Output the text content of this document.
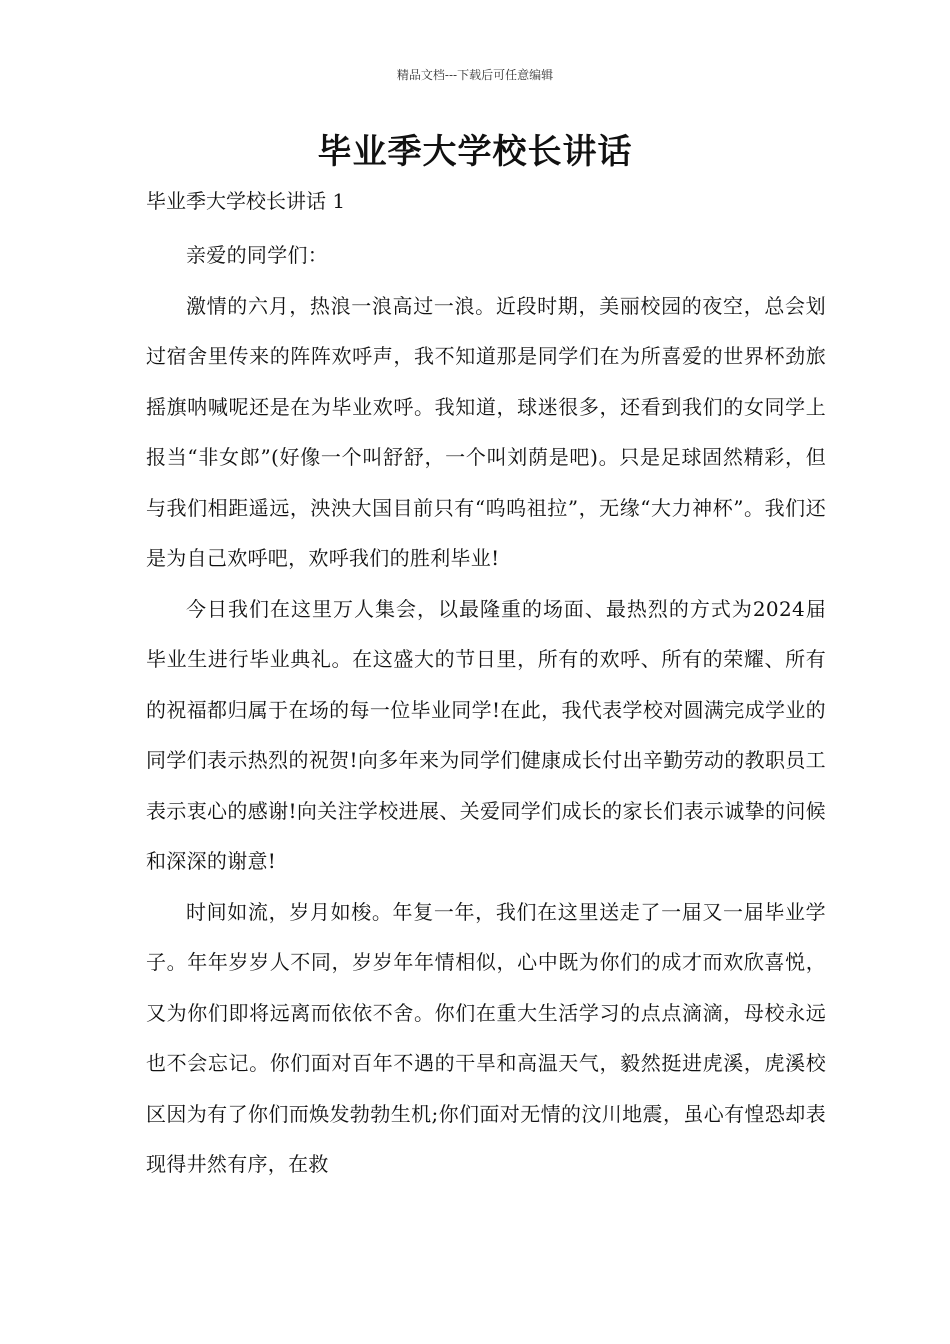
精品文档---下载后可任意编辑
毕业季大学校长讲话
毕业季大学校长讲话 1

亲爱的同学们：

激情的六月，热浪一浪高过一浪。近段时期，美丽校园的夜空，总会划过宿舍里传来的阵阵欢呼声，我不知道那是同学们在为所喜爱的世界杯劲旅摇旗呐喊呢还是在为毕业欢呼。我知道，球迷很多，还看到我们的女同学上报当“非女郎”(好像一个叫舒舒，一个叫刘荫是吧)。只是足球固然精彩，但与我们相距遥远，泱泱大国目前只有“呜呜祖拉”，无缘“大力神杯”。我们还是为自己欢呼吧，欢呼我们的胜利毕业!

今日我们在这里万人集会，以最隆重的场面、最热烈的方式为2024届毕业生进行毕业典礼。在这盛大的节日里，所有的欢呼、所有的荣耀、所有的祝福都归属于在场的每一位毕业同学!在此，我代表学校对圆满完成学业的同学们表示热烈的祝贺!向多年来为同学们健康成长付出辛勤劳动的教职员工表示衷心的感谢!向关注学校进展、关爱同学们成长的家长们表示诚挚的问候和深深的谢意!

时间如流，岁月如梭。年复一年，我们在这里送走了一届又一届毕业学子。年年岁岁人不同，岁岁年年情相似，心中既为你们的成才而欢欣喜悦，又为你们即将远离而依依不舍。你们在重大生活学习的点点滴滴，母校永远也不会忘记。你们面对百年不遇的干旱和高温天气，毅然挺进虎溪，虎溪校区因为有了你们而焕发勃勃生机;你们面对无情的汶川地震，虽心有惶恐却表现得井然有序，在救
